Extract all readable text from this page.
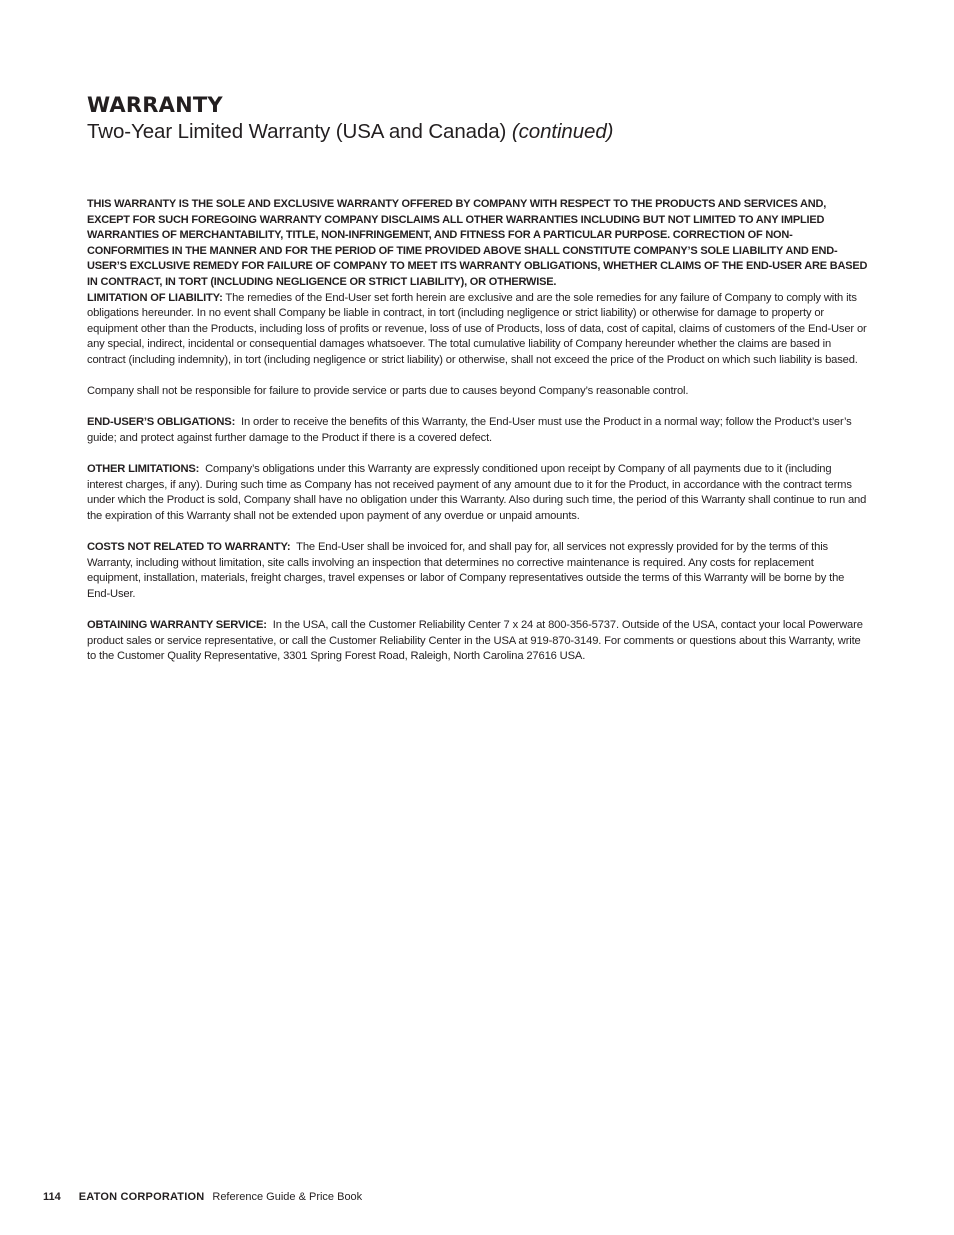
WARRANTY
Two-Year Limited Warranty (USA and Canada) (continued)

THIS WARRANTY IS THE SOLE AND EXCLUSIVE WARRANTY OFFERED BY COMPANY WITH RESPECT TO THE PRODUCTS AND SERVICES AND, EXCEPT FOR SUCH FOREGOING WARRANTY COMPANY DISCLAIMS ALL OTHER WARRANTIES INCLUDING BUT NOT LIMITED TO ANY IMPLIED WARRANTIES OF MERCHANTABILITY, TITLE, NON-INFRINGEMENT, AND FITNESS FOR A PARTICULAR PURPOSE. CORRECTION OF NON-CONFORMITIES IN THE MANNER AND FOR THE PERIOD OF TIME PROVIDED ABOVE SHALL CONSTITUTE COMPANY’S SOLE LIABILITY AND END-USER’S EXCLUSIVE REMEDY FOR FAILURE OF COMPANY TO MEET ITS WARRANTY OBLIGATIONS, WHETHER CLAIMS OF THE END-USER ARE BASED IN CONTRACT, IN TORT (INCLUDING NEGLIGENCE OR STRICT LIABILITY), OR OTHERWISE.

LIMITATION OF LIABILITY: The remedies of the End-User set forth herein are exclusive and are the sole remedies for any failure of Company to comply with its obligations hereunder. In no event shall Company be liable in contract, in tort (including negligence or strict liability) or otherwise for damage to property or equipment other than the Products, including loss of profits or revenue, loss of use of Products, loss of data, cost of capital, claims of customers of the End-User or any special, indirect, incidental or consequential damages whatsoever. The total cumulative liability of Company hereunder whether the claims are based in contract (including indemnity), in tort (including negligence or strict liability) or otherwise, shall not exceed the price of the Product on which such liability is based.

Company shall not be responsible for failure to provide service or parts due to causes beyond Company’s reasonable control.

END-USER’S OBLIGATIONS: In order to receive the benefits of this Warranty, the End-User must use the Product in a normal way; follow the Product’s user’s guide; and protect against further damage to the Product if there is a covered defect.

OTHER LIMITATIONS: Company’s obligations under this Warranty are expressly conditioned upon receipt by Company of all payments due to it (including interest charges, if any). During such time as Company has not received payment of any amount due to it for the Product, in accordance with the contract terms under which the Product is sold, Company shall have no obligation under this Warranty. Also during such time, the period of this Warranty shall continue to run and the expiration of this Warranty shall not be extended upon payment of any overdue or unpaid amounts.

COSTS NOT RELATED TO WARRANTY: The End-User shall be invoiced for, and shall pay for, all services not expressly provided for by the terms of this Warranty, including without limitation, site calls involving an inspection that determines no corrective maintenance is required. Any costs for replacement equipment, installation, materials, freight charges, travel expenses or labor of Company representatives outside the terms of this Warranty will be borne by the End-User.

OBTAINING WARRANTY SERVICE: In the USA, call the Customer Reliability Center 7 x 24 at 800-356-5737. Outside of the USA, contact your local Powerware product sales or service representative, or call the Customer Reliability Center in the USA at 919-870-3149. For comments or questions about this Warranty, write to the Customer Quality Representative, 3301 Spring Forest Road, Raleigh, North Carolina 27616 USA.

114 EATON CORPORATION Reference Guide & Price Book
